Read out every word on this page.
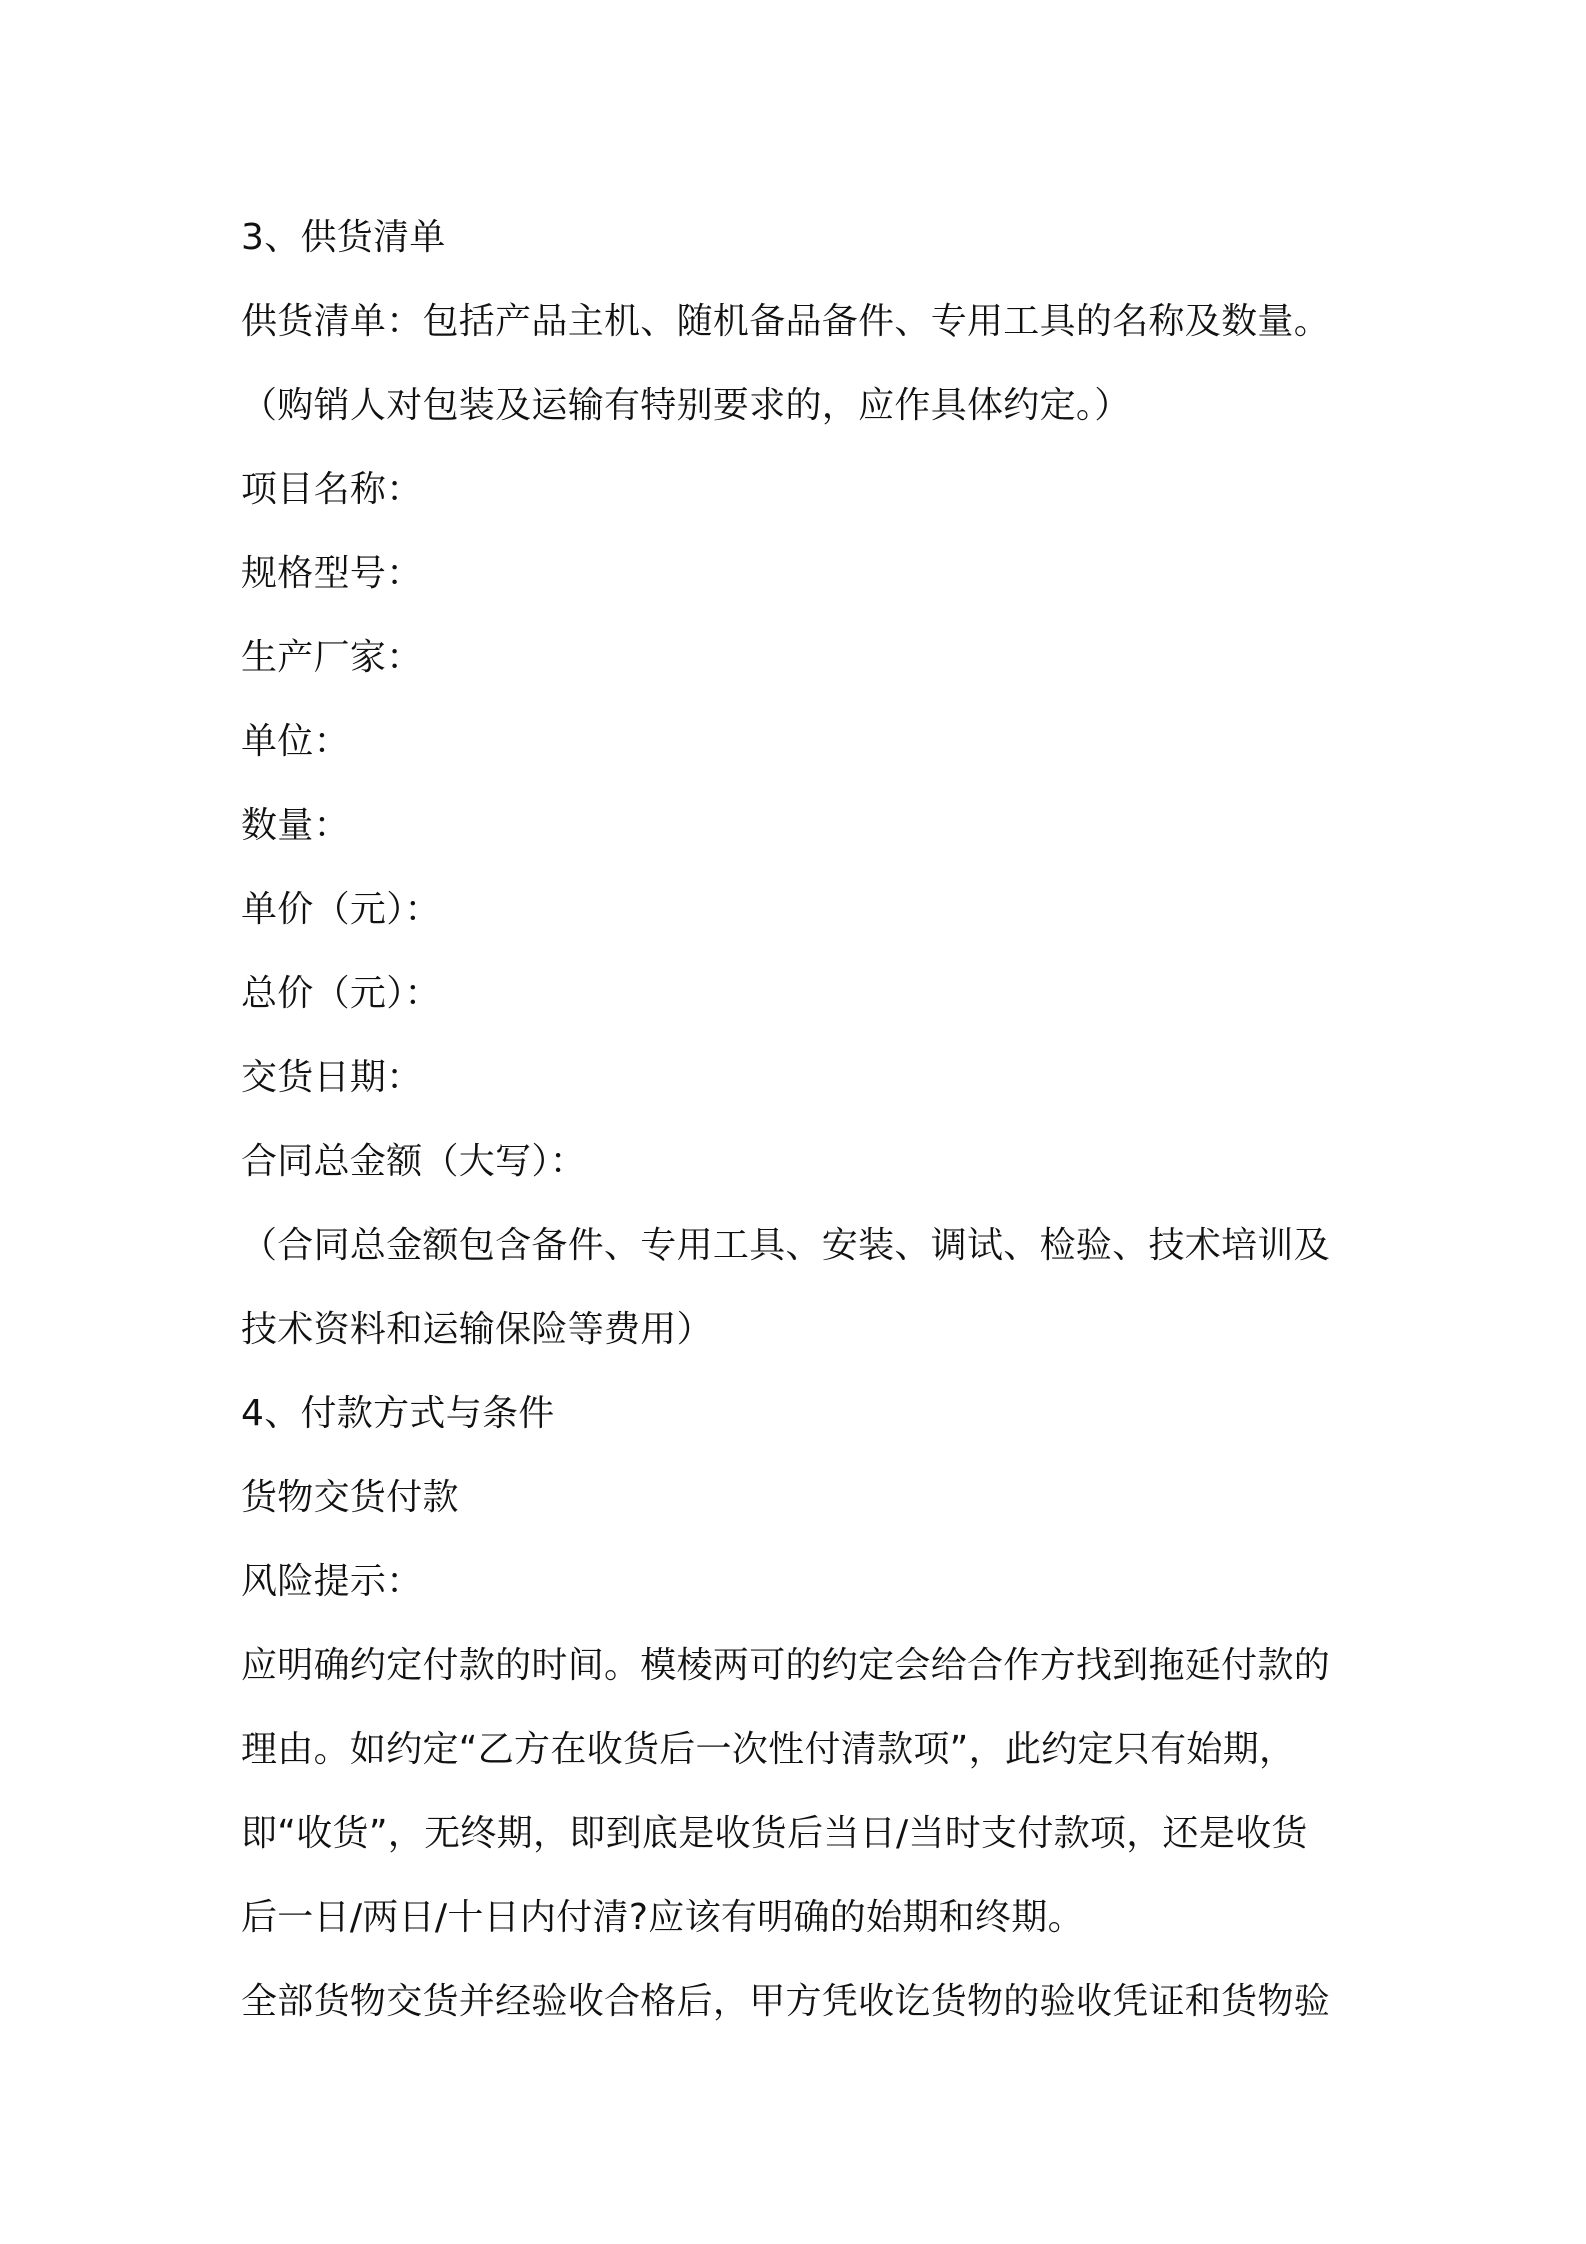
3、供货清单
供货清单：包括产品主机、随机备品备件、专用工具的名称及数量。
（购销人对包装及运输有特别要求的，应作具体约定。）
项目名称：
规格型号：
生产厂家：
单位：
数量：
单价（元）：
总价（元）：
交货日期：
合同总金额（大写）：
（合同总金额包含备件、专用工具、安装、调试、检验、技术培训及
技术资料和运输保险等费用）
4、付款方式与条件
货物交货付款
风险提示：
应明确约定付款的时间。模棱两可的约定会给合作方找到拖延付款的
理由。如约定“乙方在收货后一次性付清款项”，此约定只有始期，
即“收货”，无终期，即到底是收货后当日/当时支付款项，还是收货
后一日/两日/十日内付清?应该有明确的始期和终期。
全部货物交货并经验收合格后，甲方凭收讫货物的验收凭证和货物验
